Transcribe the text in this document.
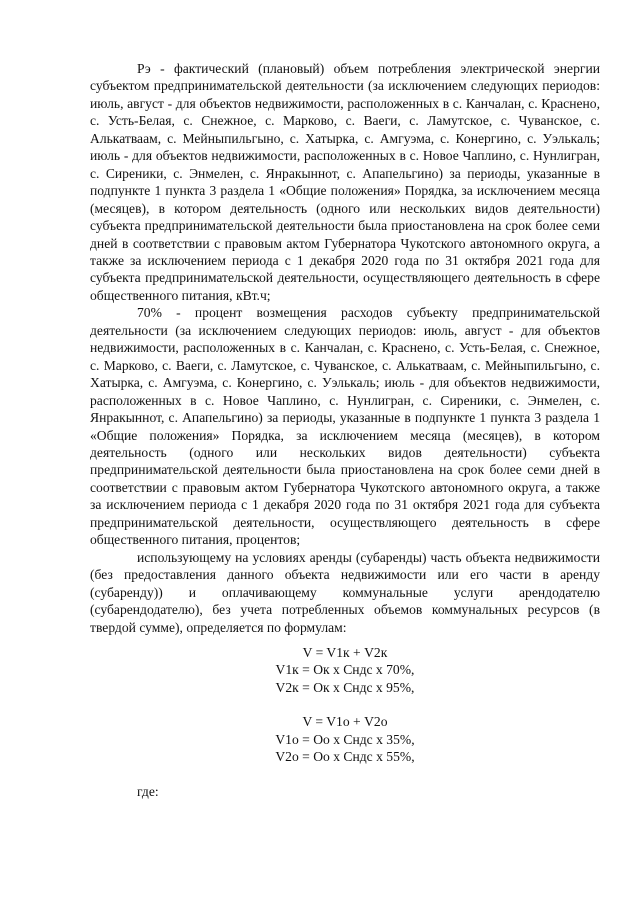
Рэ - фактический (плановый) объем потребления электрической энергии субъектом предпринимательской деятельности (за исключением следующих периодов: июль, август - для объектов недвижимости, расположенных в с. Канчалан, с. Краснено, с. Усть-Белая, с. Снежное, с. Марково, с. Ваеги, с. Ламутское, с. Чуванское, с. Алькатваам, с. Мейныпильгыно, с. Хатырка, с. Амгуэма, с. Конергино, с. Уэлькаль; июль - для объектов недвижимости, расположенных в с. Новое Чаплино, с. Нунлигран, с. Сиреники, с. Энмелен, с. Янракыннот, с. Апапельгино) за периоды, указанные в подпункте 1 пункта 3 раздела 1 «Общие положения» Порядка, за исключением месяца (месяцев), в котором деятельность (одного или нескольких видов деятельности) субъекта предпринимательской деятельности была приостановлена на срок более семи дней в соответствии с правовым актом Губернатора Чукотского автономного округа, а также за исключением периода с 1 декабря 2020 года по 31 октября 2021 года для субъекта предпринимательской деятельности, осуществляющего деятельность в сфере общественного питания, кВт.ч;

70% - процент возмещения расходов субъекту предпринимательской деятельности (за исключением следующих периодов: июль, август - для объектов недвижимости, расположенных в с. Канчалан, с. Краснено, с. Усть-Белая, с. Снежное, с. Марково, с. Ваеги, с. Ламутское, с. Чуванское, с. Алькатваам, с. Мейныпильгыно, с. Хатырка, с. Амгуэма, с. Конергино, с. Уэлькаль; июль - для объектов недвижимости, расположенных в с. Новое Чаплино, с. Нунлигран, с. Сиреники, с. Энмелен, с. Янракыннот, с. Апапельгино) за периоды, указанные в подпункте 1 пункта 3 раздела 1 «Общие положения» Порядка, за исключением месяца (месяцев), в котором деятельность (одного или нескольких видов деятельности) субъекта предпринимательской деятельности была приостановлена на срок более семи дней в соответствии с правовым актом Губернатора Чукотского автономного округа, а также за исключением периода с 1 декабря 2020 года по 31 октября 2021 года для субъекта предпринимательской деятельности, осуществляющего деятельность в сфере общественного питания, процентов;

использующему на условиях аренды (субаренды) часть объекта недвижимости (без предоставления данного объекта недвижимости или его части в аренду (субаренду)) и оплачивающему коммунальные услуги арендодателю (субарендодателю), без учета потребленных объемов коммунальных ресурсов (в твердой сумме), определяется по формулам:

V = V1к + V2к
V1к = Ок х Сндс х 70%,
V2к = Ок х Сндс х 95%,
V = V1о + V2о
V1о = Оо х Сндс х 35%,
V2о = Оо х Сндс х 55%,

где:
